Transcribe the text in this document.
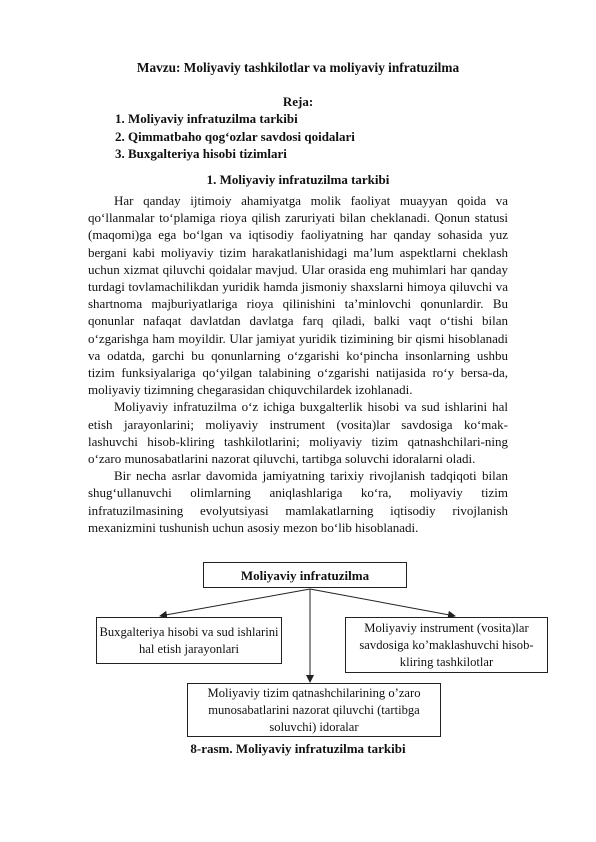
Mavzu: Moliyaviy tashkilotlar va moliyaviy infratuzilma
Reja:
1. Moliyaviy infratuzilma tarkibi
2. Qimmatbaho qog‘ozlar savdosi qoidalari
3. Buxgalteriya hisobi tizimlari
1. Moliyaviy infratuzilma tarkibi

Har qanday ijtimoiy ahamiyatga molik faoliyat muayyan qoida va qo‘llanmalar to‘plamiga rioya qilish zaruriyati bilan cheklanadi. Qonun statusi (maqomi)ga ega bo‘lgan va iqtisodiy faoliyatning har qanday sohasida yuz bergani kabi moliyaviy tizim harakatlanishidagi ma’lum aspektlarni cheklash uchun xizmat qiluvchi qoidalar mavjud. Ular orasida eng muhimlari har qanday turdagi tovlamachilikdan yuridik hamda jismoniy shaxslarni himoya qiluvchi va shartnoma majburiyatlariga rioya qilinishini ta’minlovchi qonunlardir. Bu qonunlar nafaqat davlatdan davlatga farq qiladi, balki vaqt o‘tishi bilan o‘zgarishga ham moyildir. Ular jamiyat yuridik tizimining bir qismi hisoblanadi va odatda, garchi bu qonunlarning o‘zgarishi ko‘pincha insonlarning ushbu tizim funksiyalariga qo‘yilgan talabining o‘zgarishi natijasida ro‘y bersa-da, moliyaviy tizimning chegarasidan chiquvchilardek izohlanadi.

Moliyaviy infratuzilma o‘z ichiga buxgalterlik hisobi va sud ishlarini hal etish jarayonlarini; moliyaviy instrument (vosita)lar savdosiga ko‘mak-lashuvchi hisob-kliring tashkilotlarini; moliyaviy tizim qatnashchilari-ning o‘zaro munosabatlarini nazorat qiluvchi, tartibga soluvchi idoralarni oladi.

Bir necha asrlar davomida jamiyatning tarixiy rivojlanish tadqiqoti bilan shug‘ullanuvchi olimlarning aniqlashlariga ko‘ra, moliyaviy tizim infratuzilmasining evolyutsiyasi mamlakatlarning iqtisodiy rivojlanish mexanizmini tushunish uchun asosiy mezon bo‘lib hisoblanadi.

Moliyaviy infratuzilma
Buxgalteriya hisobi va sud ishlarini hal etish jarayonlari
Moliyaviy instrument (vosita)lar savdosiga ko’maklashuvchi hisob-kliring tashkilotlar
Moliyaviy tizim qatnashchilarining o’zaro munosabatlarini nazorat qiluvchi (tartibga soluvchi) idoralar
8-rasm. Moliyaviy infratuzilma tarkibi
